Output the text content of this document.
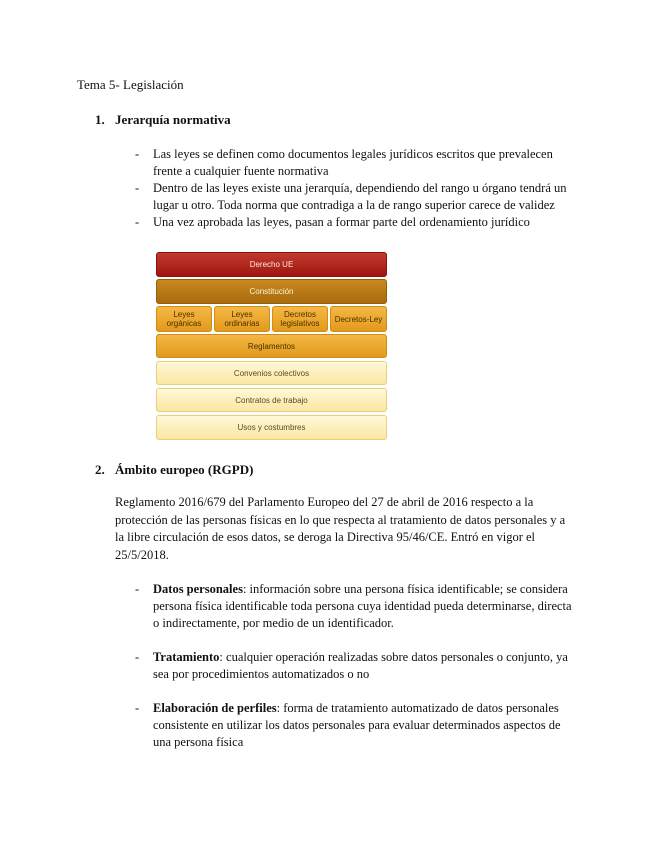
Tema 5- Legislación
1. Jerarquía normativa
- Las leyes se definen como documentos legales jurídicos escritos que prevalecen frente a cualquier fuente normativa
- Dentro de las leyes existe una jerarquía, dependiendo del rango u órgano tendrá un lugar u otro. Toda norma que contradiga a la de rango superior carece de validez
- Una vez aprobada las leyes, pasan a formar parte del ordenamiento jurídico
Derecho UE
Constitución
Leyes orgánicas
Leyes ordinarias
Decretos legislativos	Decretos-Ley
Reglamentos
Convenios colectivos
Contratos de trabajo
Usos y costumbres
2. Ámbito europeo (RGPD)

Reglamento 2016/679 del Parlamento Europeo del 27 de abril de 2016 respecto a la protección de las personas físicas en lo que respecta al tratamiento de datos personales y a la libre circulación de esos datos, se deroga la Directiva 95/46/CE. Entró en vigor el 25/5/2018.

- Datos personales: información sobre una persona física identificable; se considera persona física identificable toda persona cuya identidad pueda determinarse, directa o indirectamente, por medio de un identificador.
- Tratamiento: cualquier operación realizadas sobre datos personales o conjunto, ya sea por procedimientos automatizados o no
- Elaboración de perfiles: forma de tratamiento automatizado de datos personales consistente en utilizar los datos personales para evaluar determinados aspectos de una persona física
